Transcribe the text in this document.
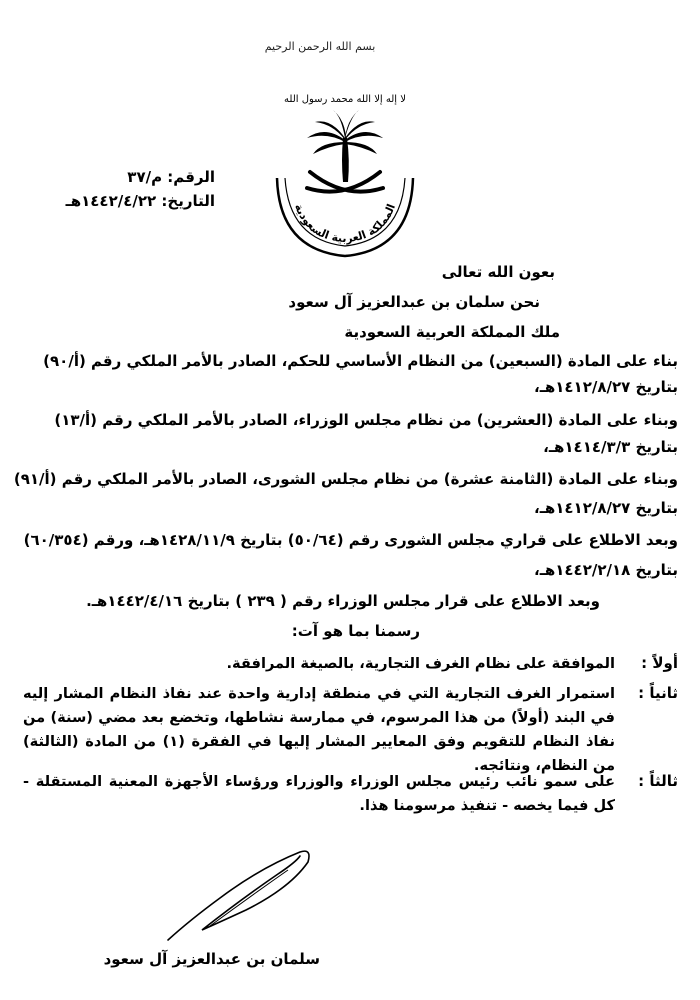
بسم الله الرحمن الرحيم
لا إله إلا الله محمد رسول الله
المملكة العربية السعودية
الرقم: م/٣٧
التاريخ: ١٤٤٢/٤/٢٢هـ
بعون الله تعالى
نحن سلمان بن عبدالعزيز آل سعود
ملك المملكة العربية السعودية
بناء على المادة (السبعين) من النظام الأساسي للحكم، الصادر بالأمر الملكي رقم (أ/٩٠)
بتاريخ ١٤١٢/٨/٢٧هـ،
وبناء على المادة (العشرين) من نظام مجلس الوزراء، الصادر بالأمر الملكي رقم (أ/١٣)
بتاريخ ١٤١٤/٣/٣هـ،
وبناء على المادة (الثامنة عشرة) من نظام مجلس الشورى، الصادر بالأمر الملكي رقم (أ/٩١)
بتاريخ ١٤١٢/٨/٢٧هـ،
وبعد الاطلاع على قراري مجلس الشورى رقم (٥٠/٦٤) بتاريخ ١٤٢٨/١١/٩هـ، ورقم (٦٠/٣٥٤)
بتاريخ ١٤٤٢/٢/١٨هـ،
وبعد الاطلاع على قرار مجلس الوزراء رقم ( ٢٣٩ ) بتاريخ ١٤٤٢/٤/١٦هـ.
رسمنا بما هو آت:
أولاً :
الموافقة على نظام الغرف التجارية، بالصيغة المرافقة.
ثانياً :
استمرار الغرف التجارية التي في منطقة إدارية واحدة عند نفاذ النظام المشار إليه في البند (أولاً) من هذا المرسوم، في ممارسة نشاطها، وتخضع بعد مضي (سنة) من نفاذ النظام للتقويم وفق المعايير المشار إليها في الفقرة (١) من المادة (الثالثة) من النظام، ونتائجه.
ثالثاً :
على سمو نائب رئيس مجلس الوزراء والوزراء ورؤساء الأجهزة المعنية المستقلة - كل فيما يخصه - تنفيذ مرسومنا هذا.
سلمان بن عبدالعزيز آل سعود
